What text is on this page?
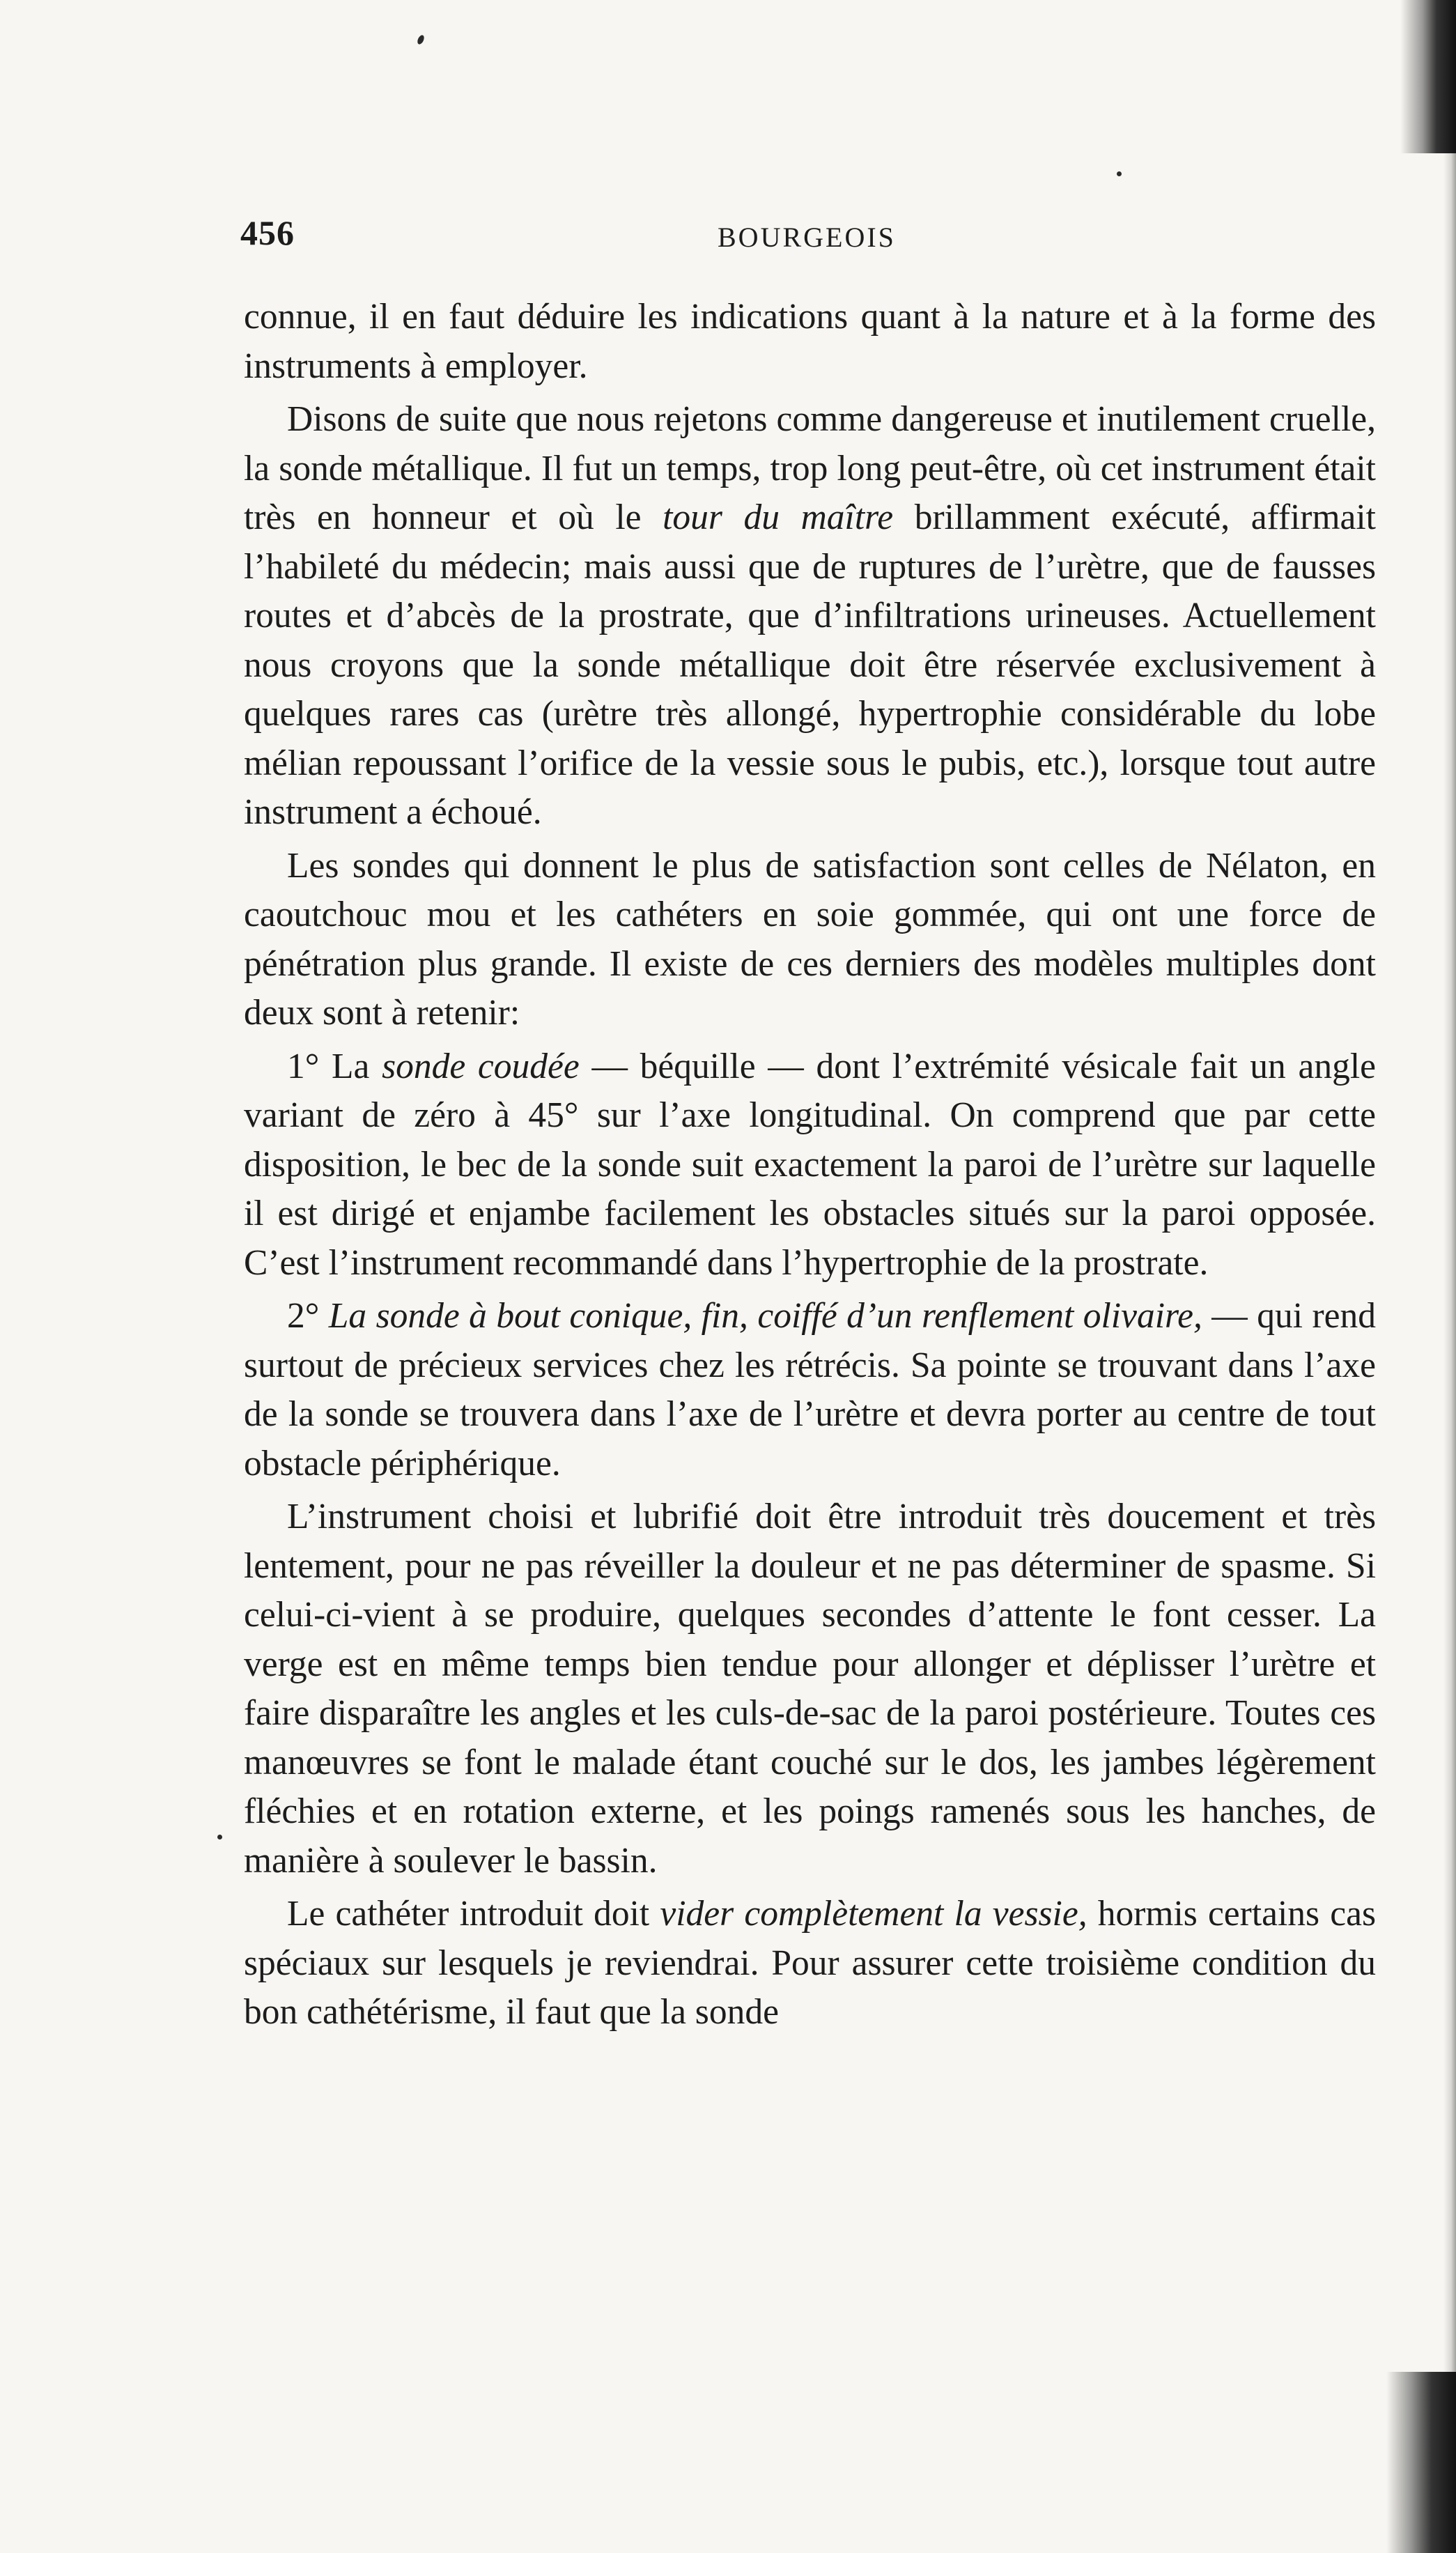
456	BOURGEOIS

connue, il en faut déduire les indications quant à la nature et à la forme des instruments à employer.

Disons de suite que nous rejetons comme dangereuse et inutilement cruelle, la sonde métallique. Il fut un temps, trop long peut-être, où cet instrument était très en honneur et où le tour du maître brillamment exécuté, affirmait l’habileté du médecin; mais aussi que de ruptures de l’urètre, que de fausses routes et d’abcès de la prostrate, que d’infiltrations urineuses. Actuellement nous croyons que la sonde métallique doit être réservée exclusivement à quelques rares cas (urètre très allongé, hypertrophie considérable du lobe mélian repoussant l’orifice de la vessie sous le pubis, etc.), lorsque tout autre instrument a échoué.

Les sondes qui donnent le plus de satisfaction sont celles de Nélaton, en caoutchouc mou et les cathéters en soie gommée, qui ont une force de pénétration plus grande. Il existe de ces derniers des modèles multiples dont deux sont à retenir:

1° La sonde coudée — béquille — dont l’extrémité vésicale fait un angle variant de zéro à 45° sur l’axe longitudinal. On comprend que par cette disposition, le bec de la sonde suit exactement la paroi de l’urètre sur laquelle il est dirigé et enjambe facilement les obstacles situés sur la paroi opposée. C’est l’instrument recommandé dans l’hypertrophie de la prostrate.

2° La sonde à bout conique, fin, coiffé d’un renflement olivaire, — qui rend surtout de précieux services chez les rétrécis. Sa pointe se trouvant dans l’axe de la sonde se trouvera dans l’axe de l’urètre et devra porter au centre de tout obstacle périphérique.

L’instrument choisi et lubrifié doit être introduit très doucement et très lentement, pour ne pas réveiller la douleur et ne pas déterminer de spasme. Si celui-ci-vient à se produire, quelques secondes d’attente le font cesser. La verge est en même temps bien tendue pour allonger et déplisser l’urètre et faire disparaître les angles et les culs-de-sac de la paroi postérieure. Toutes ces manœuvres se font le malade étant couché sur le dos, les jambes légèrement fléchies et en rotation externe, et les poings ramenés sous les hanches, de manière à soulever le bassin.

Le cathéter introduit doit vider complètement la vessie, hormis certains cas spéciaux sur lesquels je reviendrai. Pour assurer cette troisième condition du bon cathétérisme, il faut que la sonde
